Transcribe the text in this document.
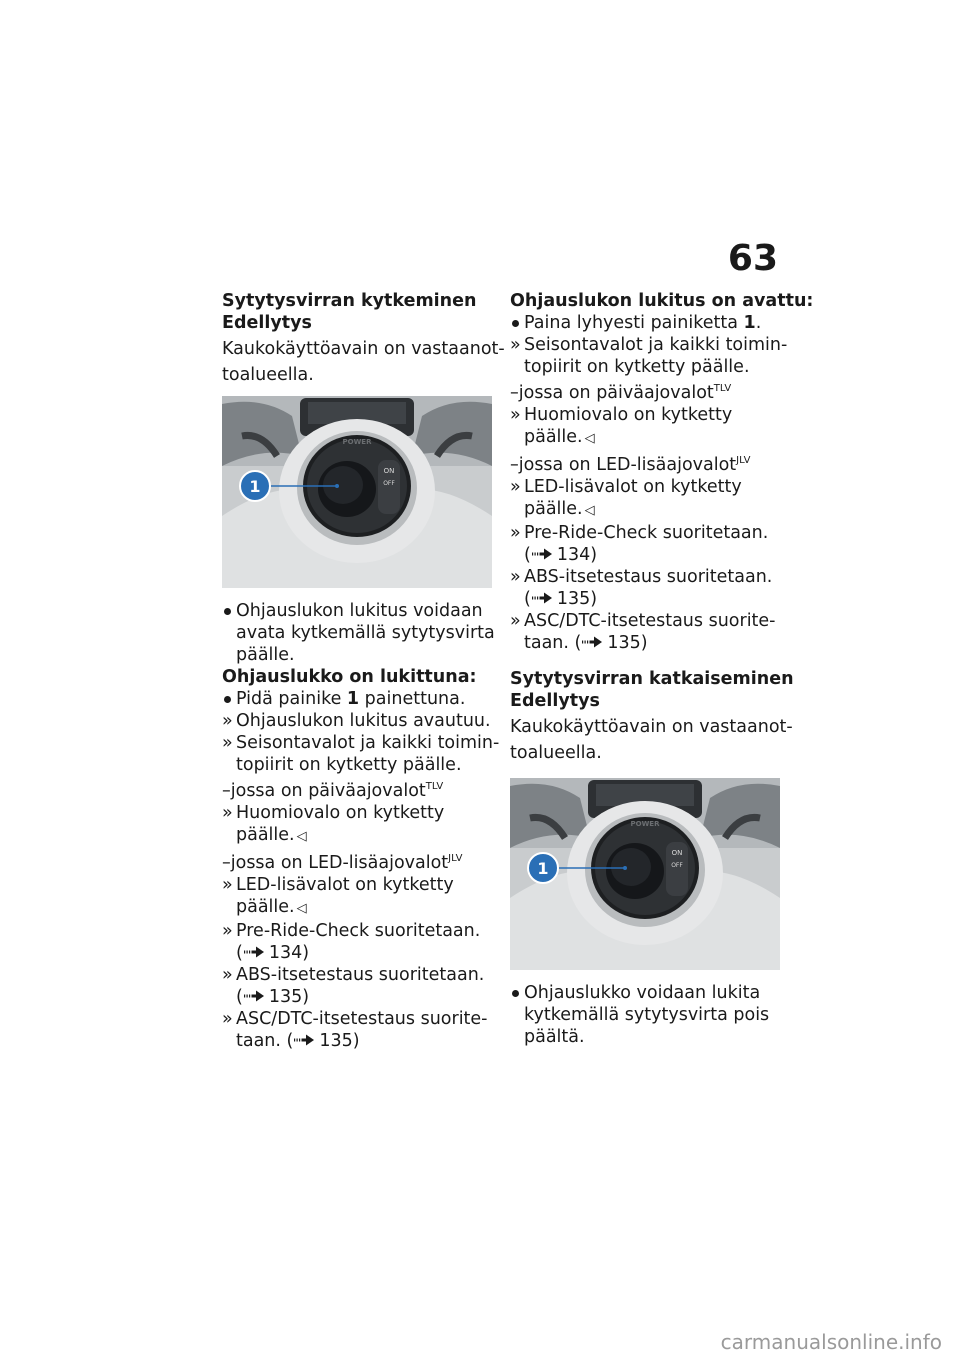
63
Sytytysvirran kytkeminen
Edellytys
Kaukokäyttöavain on vastaanot-
toalueella.
1
Ohjauslukon lukitus voidaan
avata kytkemällä sytytysvirta
päälle.
Ohjauslukko on lukittuna:
Pidä painike 1 painettuna.
» Ohjauslukon lukitus avautuu.
» Seisontavalot ja kaikki toimin-
topiirit on kytketty päälle.
–jossa on päiväajovalot$^{TLV}$
» Huomiovalo on kytketty
päälle. ◁
–jossa on LED-lisäajovalot$^{JLV}$
» LED-lisävalot on kytketty
päälle. ◁
» Pre-Ride-Check suoritetaan.
( 134)
» ABS-itsetestaus suoritetaan.
( 135)
» ASC/DTC-itsetestaus suorite-
taan. ( 135)
Ohjauslukon lukitus on avattu:
Paina lyhyesti painiketta 1.
» Seisontavalot ja kaikki toimin-
topiirit on kytketty päälle.
–jossa on päiväajovalot$^{TLV}$
» Huomiovalo on kytketty
päälle. ◁
–jossa on LED-lisäajovalot$^{JLV}$
» LED-lisävalot on kytketty
päälle. ◁
» Pre-Ride-Check suoritetaan.
( 134)
» ABS-itsetestaus suoritetaan.
( 135)
» ASC/DTC-itsetestaus suorite-
taan. ( 135)
Sytytysvirran katkaiseminen
Edellytys
Kaukokäyttöavain on vastaanot-
toalueella.
1
Ohjauslukko voidaan lukita
kytkemällä sytytysvirta pois
päältä.
carmanualsonline.info
